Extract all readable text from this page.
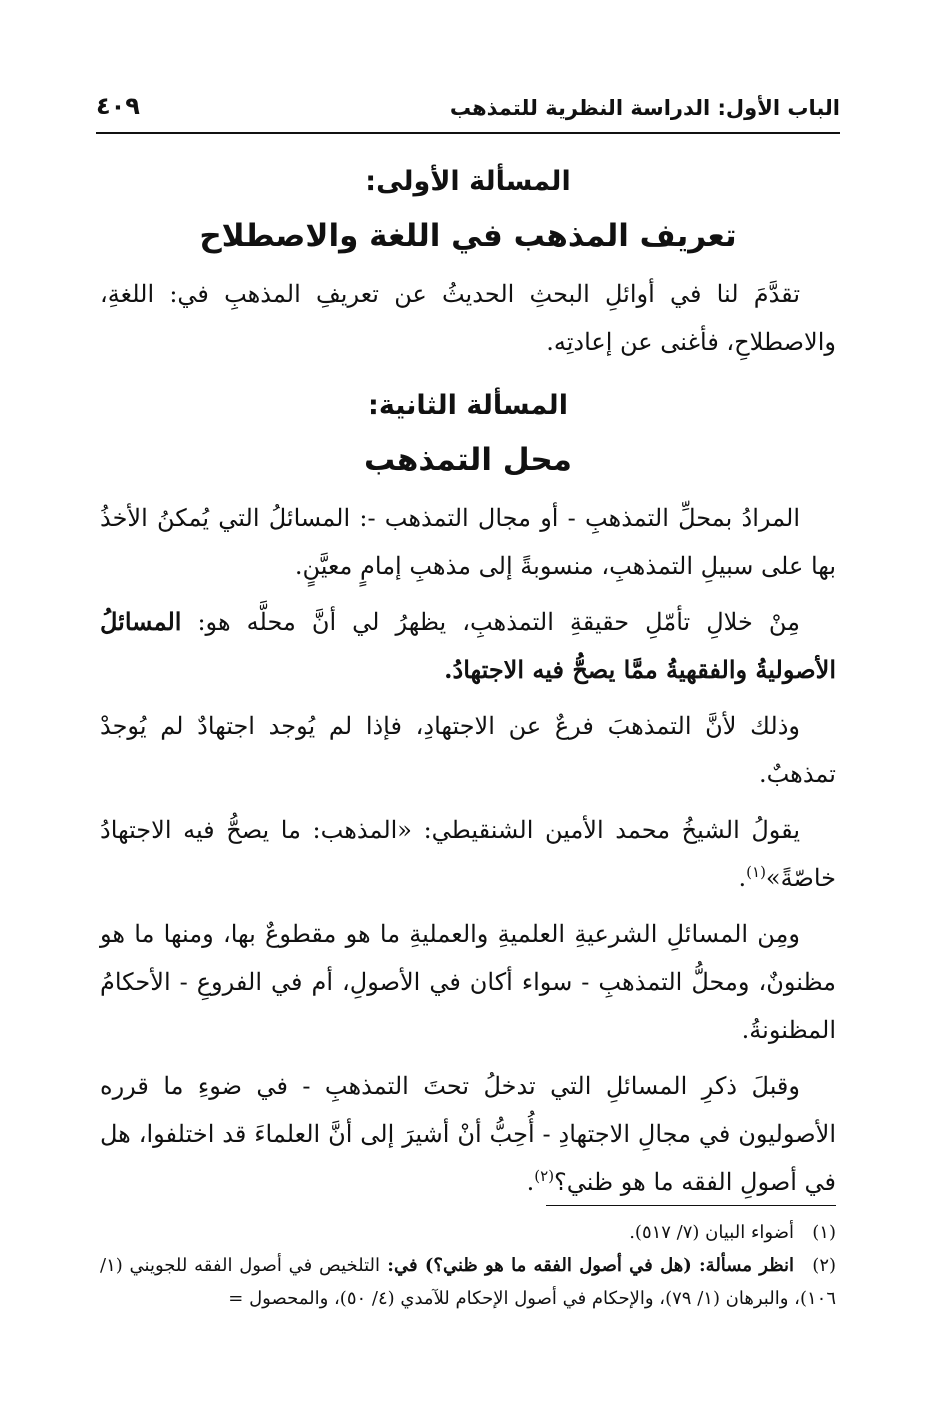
الباب الأول: الدراسة النظرية للتمذهب
٤٠٩
المسألة الأولى:
تعريف المذهب في اللغة والاصطلاح

تقدَّمَ لنا في أوائلِ البحثِ الحديثُ عن تعريفِ المذهبِ في: اللغةِ، والاصطلاحِ، فأغنى عن إعادتِه.

المسألة الثانية:
محل التمذهب

المرادُ بمحلِّ التمذهبِ - أو مجال التمذهب -: المسائلُ التي يُمكنُ الأخذُ بها على سبيلِ التمذهبِ، منسوبةً إلى مذهبِ إمامٍ معيَّنٍ.

مِنْ خلالِ تأمّلِ حقيقةِ التمذهبِ، يظهرُ لي أنَّ محلَّه هو: المسائلُ الأصوليةُ والفقهيةُ ممَّا يصحُّ فيه الاجتهادُ.

وذلك لأنَّ التمذهبَ فرعٌ عن الاجتهادِ، فإذا لم يُوجد اجتهادٌ لم يُوجدْ تمذهبٌ.

يقولُ الشيخُ محمد الأمين الشنقيطي: «المذهب: ما يصحُّ فيه الاجتهادُ خاصّةً»$^{(١)}$.

ومِن المسائلِ الشرعيةِ العلميةِ والعمليةِ ما هو مقطوعٌ بها، ومنها ما هو مظنونٌ، ومحلُّ التمذهبِ - سواء أكان في الأصولِ، أم في الفروعِ - الأحكامُ المظنونةُ.

وقبلَ ذكرِ المسائلِ التي تدخلُ تحتَ التمذهبِ - في ضوءِ ما قرره الأصوليون في مجالِ الاجتهادِ - أُحِبُّ أنْ أشيرَ إلى أنَّ العلماءَ قد اختلفوا، هل في أصولِ الفقه ما هو ظني؟$^{(٢)}$.

(١)أضواء البيان (٧/ ٥١٧).

(٢)انظر مسألة: (هل في أصول الفقه ما هو ظني؟) في: التلخيص في أصول الفقه للجويني (١/ ١٠٦)، والبرهان (١/ ٧٩)، والإحكام في أصول الإحكام للآمدي (٤/ ٥٠)، والمحصول =
